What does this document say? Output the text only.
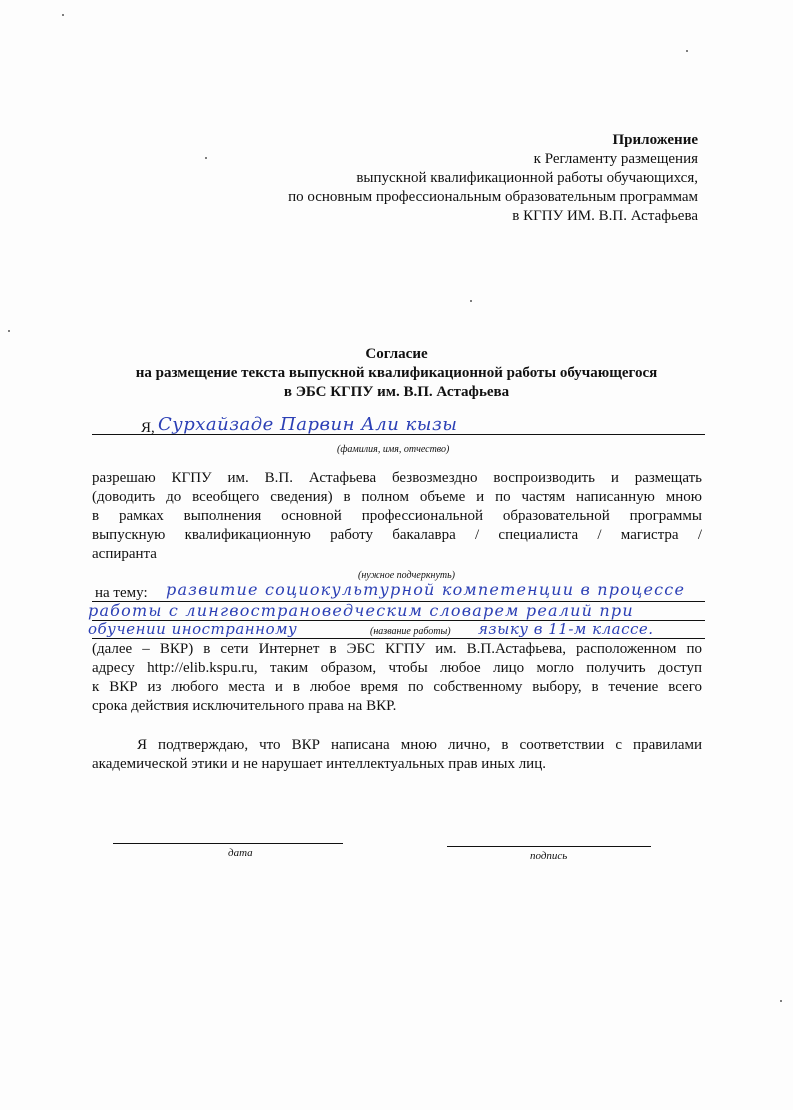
Приложение
к Регламенту размещения
выпускной квалификационной работы обучающихся,
по основным профессиональным образовательным программам
в КГПУ ИМ. В.П. Астафьева
Согласие
на размещение текста выпускной квалификационной работы обучающегося
в ЭБС КГПУ им. В.П. Астафьева
Я, Сурхайзаде Парвин Али кызы
(фамилия, имя, отчество)
разрешаю КГПУ им. В.П. Астафьева безвозмездно воспроизводить и размещать
(доводить до всеобщего сведения) в полном объеме и по частям написанную мною
в рамках выполнения основной профессиональной образовательной программы
выпускную квалификационную работу бакалавра / специалиста / магистра /
аспиранта
(нужное подчеркнуть)
на тему: развитие социокультурной компетенции в процессе
работы с лингвострановедческим словарем реалий при
обучении иностранному	(название работы) языку в 11-м классе.
(далее – ВКР) в сети Интернет в ЭБС КГПУ им. В.П.Астафьева, расположенном по
адресу http://elib.kspu.ru, таким образом, чтобы любое лицо могло получить доступ
к ВКР из любого места и в любое время по собственному выбору, в течение всего
срока действия исключительного права на ВКР.
Я подтверждаю, что ВКР написана мною лично, в соответствии с правилами
академической этики и не нарушает интеллектуальных прав иных лиц.
дата	подпись
